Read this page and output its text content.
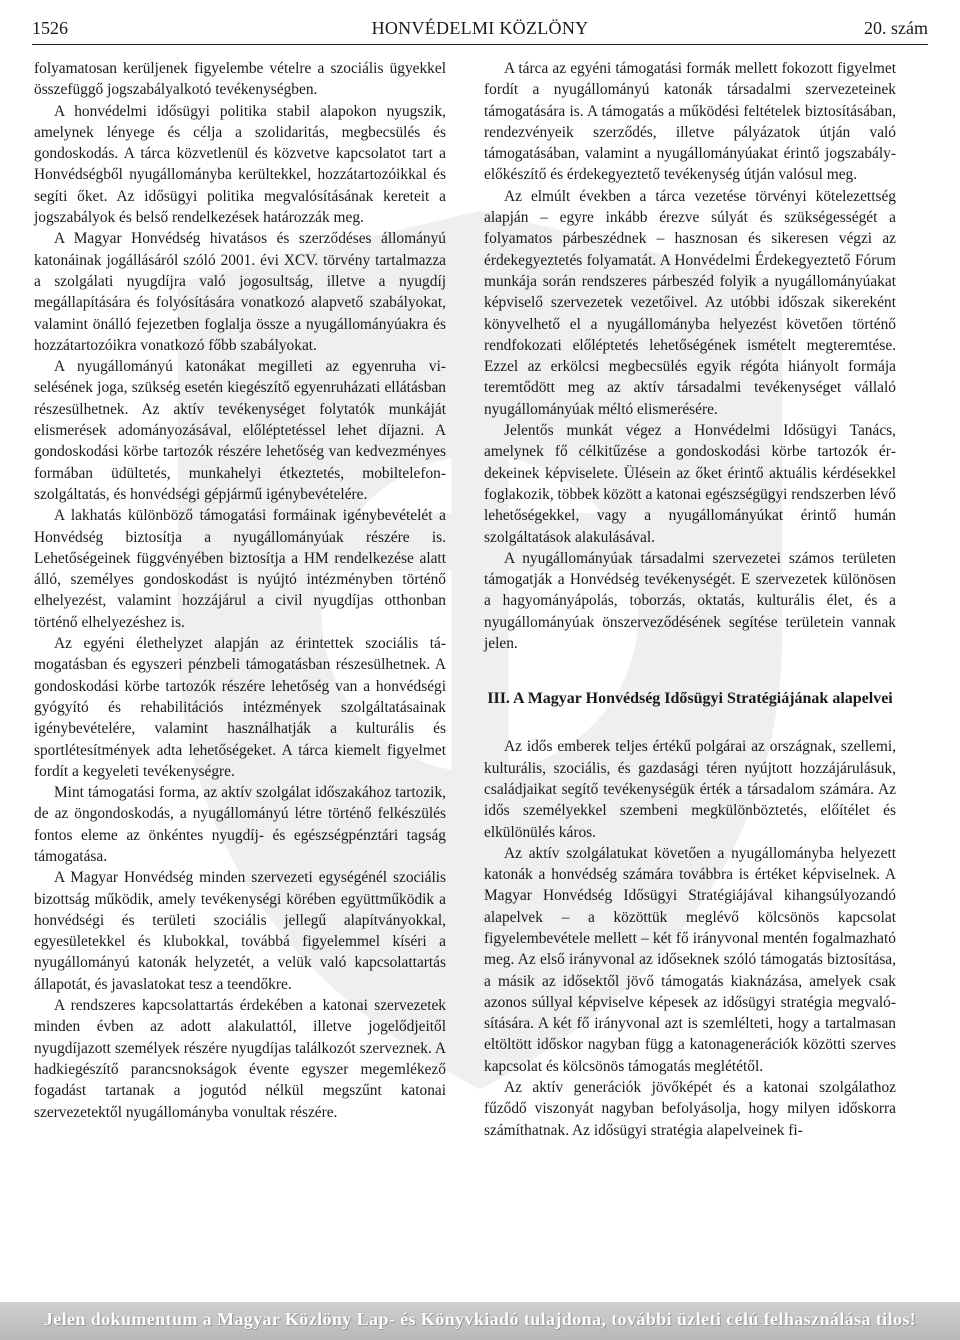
1526	HONVÉDELMI KÖZLÖNY	20. szám

folyamatosan kerüljenek figyelembe vételre a szociális ügyekkel összefüggő jogszabályalkotó tevékenységben.

A honvédelmi idősügyi politika stabil alapokon nyugszik, amelynek lényege és célja a szolidaritás, megbecsülés és gondoskodás. A tárca közvetlenül és közvetve kapcsolatot tart a Honvédségből nyugállományba kerültekkel, hozzátartozóikkal és segíti őket. Az idősügyi politika megvalósításának kereteit a jogszabályok és belső rendelkezések határozzák meg.

A Magyar Honvédség hivatásos és szerződéses állományú katonáinak jogállásáról szóló 2001. évi XCV. törvény tartalmazza a szolgálati nyugdíjra való jogosultság, illetve a nyugdíj megállapítására és folyósítására vonatkozó alapvető szabályokat, valamint önálló fejezetben foglalja össze a nyugállományúakra és hozzátartozóikra vonatkozó főbb szabályokat.

A nyugállományú katonákat megilleti az egyenruha viselésének joga, szükség esetén kiegészítő egyenruházati ellátásban részesülhetnek. Az aktív tevékenységet folytatók munkáját elismerések adományozásával, előléptetéssel lehet díjazni. A gondoskodási körbe tartozók részére lehetőség van kedvezményes formában üdültetés, munkahelyi étkeztetés, mobiltelefon-szolgáltatás, és honvédségi gépjármű igénybevételére.

A lakhatás különböző támogatási formáinak igénybevételét a Honvédség biztosítja a nyugállományúak részére is. Lehetőségeinek függvényében biztosítja a HM rendelkezése alatt álló, személyes gondoskodást is nyújtó intézményben történő elhelyezést, valamint hozzájárul a civil nyugdíjas otthonban történő elhelyezéshez is.

Az egyéni élethelyzet alapján az érintettek szociális támogatásban és egyszeri pénzbeli támogatásban részesülhetnek. A gondoskodási körbe tartozók részére lehetőség van a honvédségi gyógyító és rehabilitációs intézmények szolgáltatásainak igénybevételére, valamint használhatják a kulturális és sportlétesítmények adta lehetőségeket. A tárca kiemelt figyelmet fordít a kegyeleti tevékenységre.

Mint támogatási forma, az aktív szolgálat időszakához tartozik, de az öngondoskodás, a nyugállományú létre történő felkészülés fontos eleme az önkéntes nyugdíj- és egészségpénztári tagság támogatása.

A Magyar Honvédség minden szervezeti egységénél szociális bizottság működik, amely tevékenységi körében együttműködik a honvédségi és területi szociális jellegű alapítványokkal, egyesületekkel és klubokkal, továbbá figyelemmel kíséri a nyugállományú katonák helyzetét, a velük való kapcsolattartás állapotát, és javaslatokat tesz a teendőkre.

A rendszeres kapcsolattartás érdekében a katonai szervezetek minden évben az adott alakulattól, illetve jogelődjeitől nyugdíjazott személyek részére nyugdíjas találkozót szerveznek. A hadkiegészítő parancsnokságok évente egyszer megemlékező fogadást tartanak a jogutód nélkül megszűnt katonai szervezetektől nyugállományba vonultak részére.

A tárca az egyéni támogatási formák mellett fokozott figyelmet fordít a nyugállományú katonák társadalmi szervezeteinek támogatására is. A támogatás a működési feltételek biztosításában, rendezvényeik szerződés, illetve pályázatok útján való támogatásában, valamint a nyugállományúakat érintő jogszabály-előkészítő és érdekegyeztető tevékenység útján valósul meg.

Az elmúlt években a tárca vezetése törvényi kötelezettség alapján – egyre inkább érezve súlyát és szükségességét a folyamatos párbeszédnek – hasznosan és sikeresen végzi az érdekegyeztetés folyamatát. A Honvédelmi Érdekegyeztető Fórum munkája során rendszeres párbeszéd folyik a nyugállományúakat képviselő szervezetek vezetőivel. Az utóbbi időszak sikereként könyvelhető el a nyugállományba helyezést követően történő rendfokozati előléptetés lehetőségének ismételt megteremtése. Ezzel az erkölcsi megbecsülés egyik régóta hiányolt formája teremtődött meg az aktív társadalmi tevékenységet vállaló nyugállományúak méltó elismerésére.

Jelentős munkát végez a Honvédelmi Idősügyi Tanács, amelynek fő célkitűzése a gondoskodási körbe tartozók érdekeinek képviselete. Ülésein az őket érintő aktuális kérdésekkel foglakozik, többek között a katonai egészségügyi rendszerben lévő lehetőségekkel, vagy a nyugállományúkat érintő humán szolgáltatások alakulásával.

A nyugállományúak társadalmi szervezetei számos területen támogatják a Honvédség tevékenységét. E szervezetek különösen a hagyományápolás, toborzás, oktatás, kulturális élet, és a nyugállományúak önszerveződésének segítése területein vannak jelen.

III. A Magyar Honvédség Idősügyi Stratégiájának alapelvei

Az idős emberek teljes értékű polgárai az országnak, szellemi, kulturális, szociális, és gazdasági téren nyújtott hozzájárulásuk, családjaikat segítő tevékenységük érték a társadalom számára. Az idős személyekkel szembeni megkülönböztetés, előítélet és elkülönülés káros.

Az aktív szolgálatukat követően a nyugállományba helyezett katonák a honvédség számára továbbra is értéket képviselnek. A Magyar Honvédség Idősügyi Stratégiájával kihangsúlyozandó alapelvek – a közöttük meglévő kölcsönös kapcsolat figyelembevétele mellett – két fő irányvonal mentén fogalmazható meg. Az első irányvonal az időseknek szóló támogatás biztosítása, a másik az idősektől jövő támogatás kiaknázása, amelyek csak azonos súllyal képviselve képesek az idősügyi stratégia megvalósítására. A két fő irányvonal azt is szemlélteti, hogy a tartalmasan eltöltött időskor nagyban függ a katonagenerációk közötti szerves kapcsolat és kölcsönös támogatás meglététől.

Az aktív generációk jövőképét és a katonai szolgálathoz fűződő viszonyát nagyban befolyásolja, hogy milyen időskorra számíthatnak. Az idősügyi stratégia alapelveinek fi-

Jelen dokumentum a Magyar Közlöny Lap- és Könyvkiadó tulajdona, további üzleti célú felhasználása tilos!
